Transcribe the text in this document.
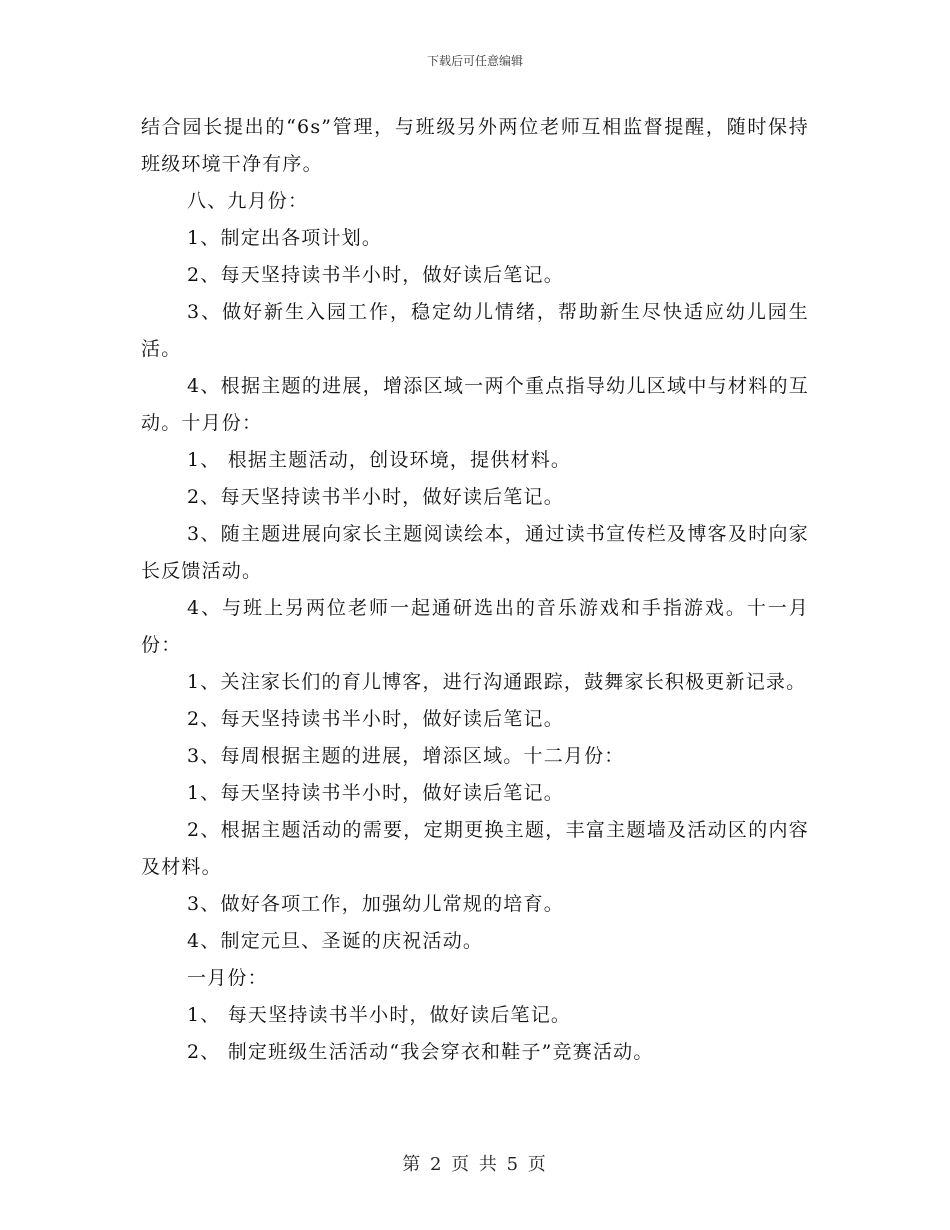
下载后可任意编辑

结合园长提出的“6s”管理，与班级另外两位老师互相监督提醒，随时保持班级环境干净有序。

八、九月份：

1、制定出各项计划。

2、每天坚持读书半小时，做好读后笔记。

3、做好新生入园工作，稳定幼儿情绪，帮助新生尽快适应幼儿园生活。

4、根据主题的进展，增添区域一两个重点指导幼儿区域中与材料的互动。十月份：

1、 根据主题活动，创设环境，提供材料。

2、每天坚持读书半小时，做好读后笔记。

3、随主题进展向家长主题阅读绘本，通过读书宣传栏及博客及时向家长反馈活动。

4、与班上另两位老师一起通研选出的音乐游戏和手指游戏。十一月份：

1、关注家长们的育儿博客，进行沟通跟踪，鼓舞家长积极更新记录。

2、每天坚持读书半小时，做好读后笔记。

3、每周根据主题的进展，增添区域。十二月份：

1、每天坚持读书半小时，做好读后笔记。

2、根据主题活动的需要，定期更换主题，丰富主题墙及活动区的内容及材料。

3、做好各项工作，加强幼儿常规的培育。

4、制定元旦、圣诞的庆祝活动。

一月份：

1、 每天坚持读书半小时，做好读后笔记。

2、 制定班级生活活动“我会穿衣和鞋子”竞赛活动。

第 2 页 共 5 页
